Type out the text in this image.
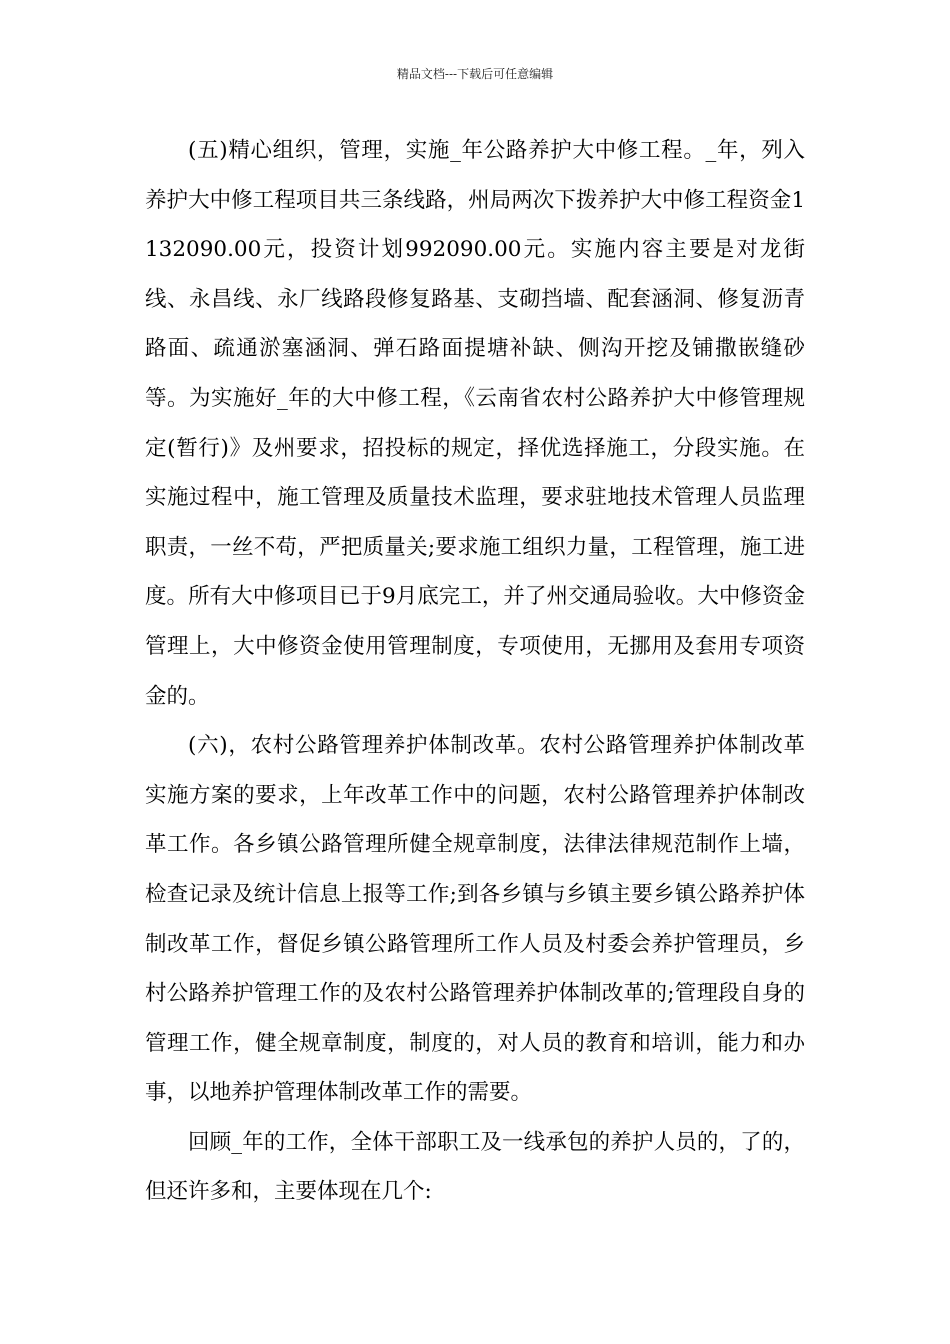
精品文档---下载后可任意编辑

(五)精心组织，管理，实施_年公路养护大中修工程。_年，列入养护大中修工程项目共三条线路，州局两次下拨养护大中修工程资金1132090.00元，投资计划992090.00元。实施内容主要是对龙街线、永昌线、永厂线路段修复路基、支砌挡墙、配套涵洞、修复沥青路面、疏通淤塞涵洞、弹石路面提塘补缺、侧沟开挖及铺撒嵌缝砂等。为实施好_年的大中修工程，《云南省农村公路养护大中修管理规定(暂行)》及州要求，招投标的规定，择优选择施工，分段实施。在实施过程中，施工管理及质量技术监理，要求驻地技术管理人员监理职责，一丝不苟，严把质量关;要求施工组织力量，工程管理，施工进度。所有大中修项目已于9月底完工，并了州交通局验收。大中修资金管理上，大中修资金使用管理制度，专项使用，无挪用及套用专项资金的。

(六)，农村公路管理养护体制改革。农村公路管理养护体制改革实施方案的要求，上年改革工作中的问题，农村公路管理养护体制改革工作。各乡镇公路管理所健全规章制度，法律法律规范制作上墙，检查记录及统计信息上报等工作;到各乡镇与乡镇主要乡镇公路养护体制改革工作，督促乡镇公路管理所工作人员及村委会养护管理员，乡村公路养护管理工作的及农村公路管理养护体制改革的;管理段自身的管理工作，健全规章制度，制度的，对人员的教育和培训，能力和办事，以地养护管理体制改革工作的需要。

回顾_年的工作，全体干部职工及一线承包的养护人员的，了的，但还许多和，主要体现在几个:
